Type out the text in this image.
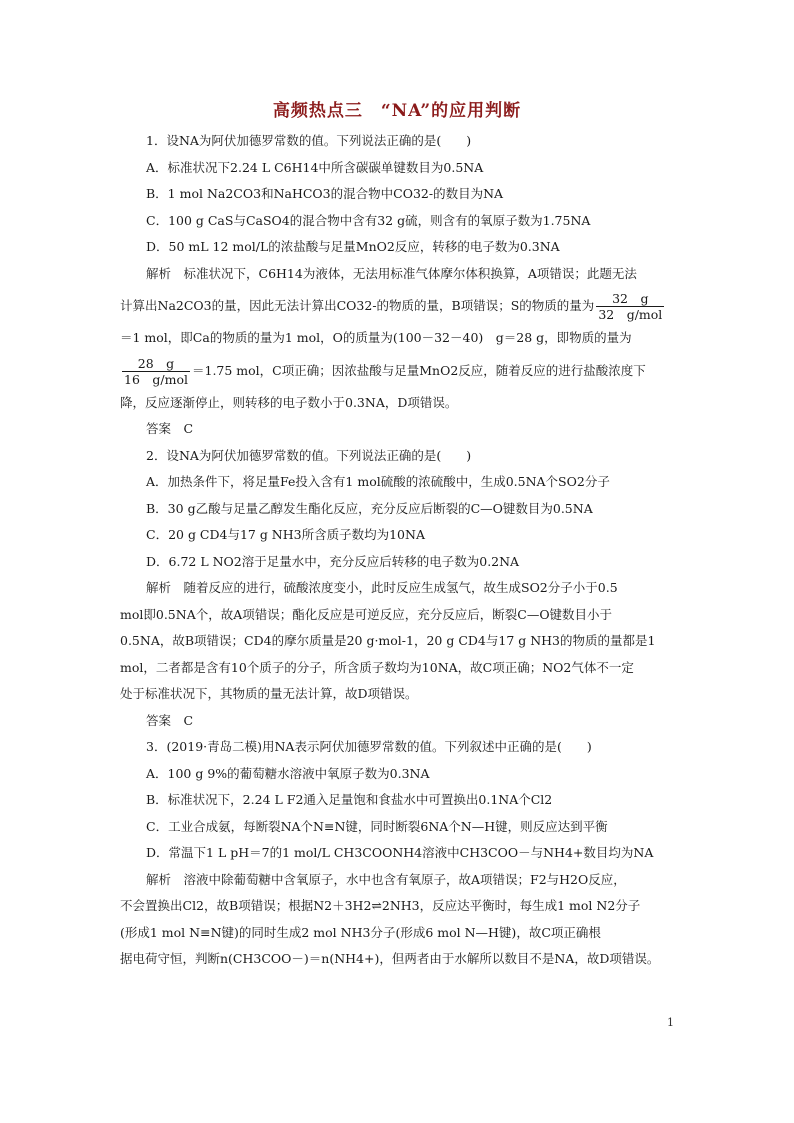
高频热点三　“NA”的应用判断
1．设NA为阿伏加德罗常数的值。下列说法正确的是(　　)
A．标准状况下2.24 L C6H14中所含碳碳单键数目为0.5NA
B．1 mol Na2CO3和NaHCO3的混合物中CO32-的数目为NA
C．100 g CaS与CaSO4的混合物中含有32 g硫，则含有的氧原子数为1.75NA
D．50 mL 12 mol/L的浓盐酸与足量MnO2反应，转移的电子数为0.3NA
解析　标准状况下，C6H14为液体，无法用标准气体摩尔体积换算，A项错误；此题无法
计算出Na2CO3的量，因此无法计算出CO32-的物质的量，B项错误；S的物质的量为 $\frac{32 g}{\text{32　g/mol}}$
＝1 mol，即Ca的物质的量为1 mol，O的质量为(100－32－40)　g＝28 g，即物质的量为
$\frac{28 g}{\text{16　g/mol}} =1.75$ mol，C项正确；因浓盐酸与足量MnO2反应，随着反应的进行盐酸浓度下
降，反应逐渐停止，则转移的电子数小于0.3NA，D项错误。
答案　C
2．设NA为阿伏加德罗常数的值。下列说法正确的是(　　)
A．加热条件下，将足量Fe投入含有1 mol硫酸的浓硫酸中，生成0.5NA个SO2分子
B．30 g乙酸与足量乙醇发生酯化反应，充分反应后断裂的C—O键数目为0.5NA
C．20 g CD4与17 g NH3所含质子数均为10NA
D．6.72 L NO2溶于足量水中，充分反应后转移的电子数为0.2NA
解析　随着反应的进行，硫酸浓度变小，此时反应生成氢气，故生成SO2分子小于0.5
mol即0.5NA个，故A项错误；酯化反应是可逆反应，充分反应后，断裂C—O键数目小于
0.5NA，故B项错误；CD4的摩尔质量是20 g·mol-1，20 g CD4与17 g NH3的物质的量都是1
mol，二者都是含有10个质子的分子，所含质子数均为10NA，故C项正确；NO2气体不一定
处于标准状况下，其物质的量无法计算，故D项错误。
答案　C
3．(2019·青岛二模)用NA表示阿伏加德罗常数的值。下列叙述中正确的是(　　)
A．100 g 9%的葡萄糖水溶液中氧原子数为0.3NA
B．标准状况下，2.24 L F2通入足量饱和食盐水中可置换出0.1NA个Cl2
C．工业合成氨，每断裂NA个N≡N键，同时断裂6NA个N—H键，则反应达到平衡
D．常温下1 L pH＝7的1 mol/L CH3COONH4溶液中CH3COO－与NH4+数目均为NA
解析　溶液中除葡萄糖中含氧原子，水中也含有氧原子，故A项错误；F2与H2O反应，
不会置换出Cl2，故B项错误；根据N2＋3H2⇌2NH3，反应达平衡时，每生成1 mol N2分子
(形成1 mol N≡N键)的同时生成2 mol NH3分子(形成6 mol N—H键)，故C项正确根
据电荷守恒，判断n(CH3COO－)＝n(NH4+)，但两者由于水解所以数目不是NA，故D项错误。
1
